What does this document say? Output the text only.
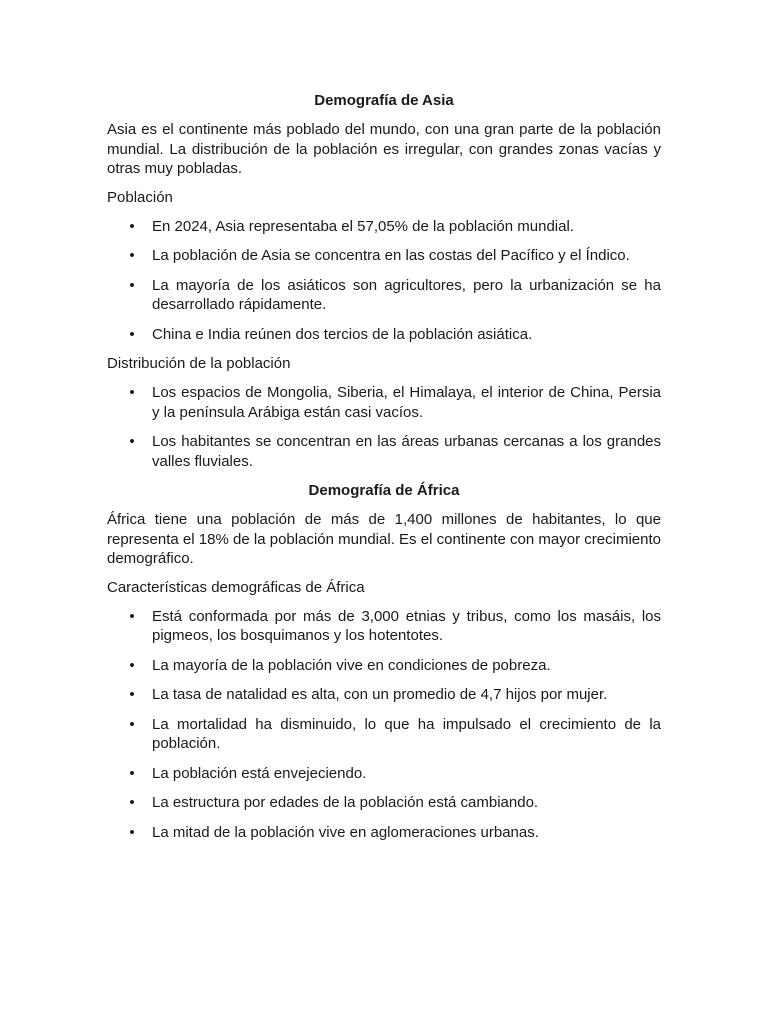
Demografía de Asia

Asia es el continente más poblado del mundo, con una gran parte de la población mundial. La distribución de la población es irregular, con grandes zonas vacías y otras muy pobladas.

Población
• En 2024, Asia representaba el 57,05% de la población mundial.
• La población de Asia se concentra en las costas del Pacífico y el Índico.
• La mayoría de los asiáticos son agricultores, pero la urbanización se ha desarrollado rápidamente.
• China e India reúnen dos tercios de la población asiática.
Distribución de la población
• Los espacios de Mongolia, Siberia, el Himalaya, el interior de China, Persia y la península Arábiga están casi vacíos.
• Los habitantes se concentran en las áreas urbanas cercanas a los grandes valles fluviales.
Demografía de África

África tiene una población de más de 1,400 millones de habitantes, lo que representa el 18% de la población mundial. Es el continente con mayor crecimiento demográfico.

Características demográficas de África
• Está conformada por más de 3,000 etnias y tribus, como los masáis, los pigmeos, los bosquimanos y los hotentotes.
• La mayoría de la población vive en condiciones de pobreza.
• La tasa de natalidad es alta, con un promedio de 4,7 hijos por mujer.
• La mortalidad ha disminuido, lo que ha impulsado el crecimiento de la población.
• La población está envejeciendo.
• La estructura por edades de la población está cambiando.
• La mitad de la población vive en aglomeraciones urbanas.
